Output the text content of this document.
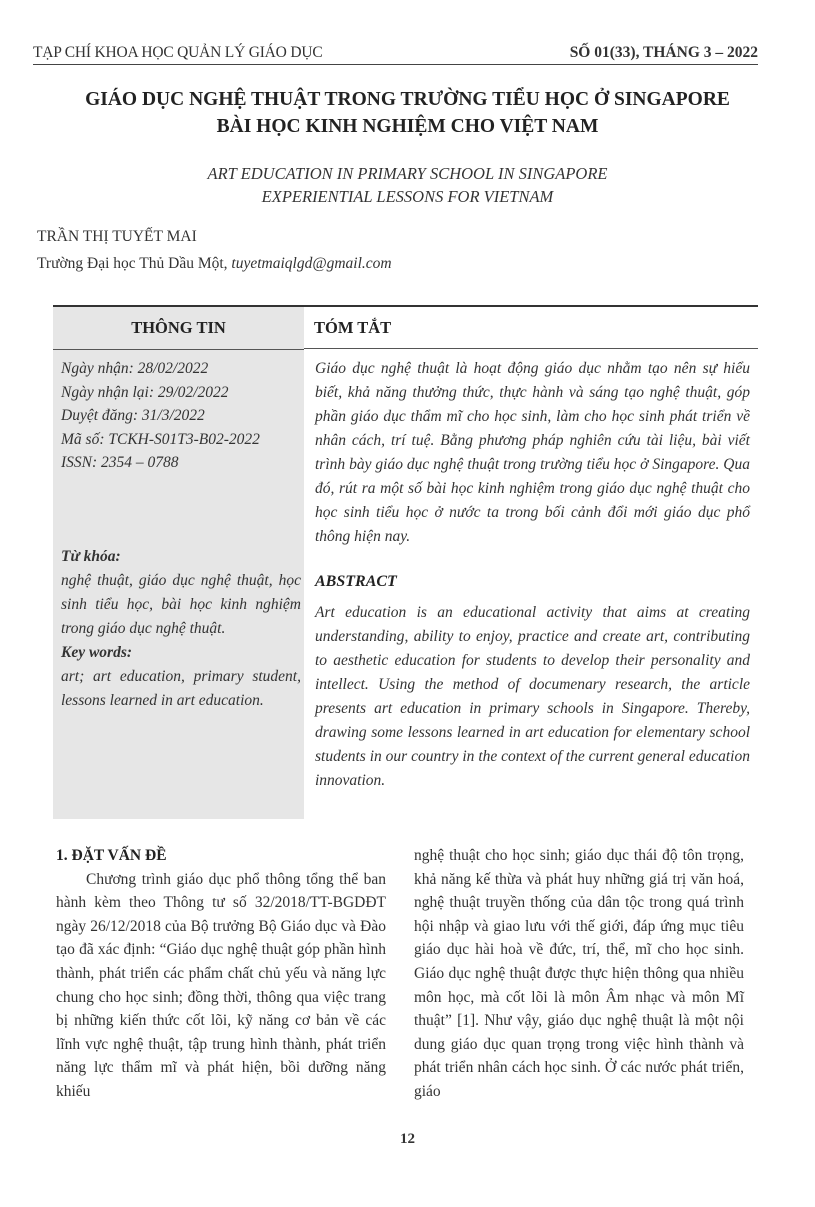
TẠP CHÍ KHOA HỌC QUẢN LÝ GIÁO DỤC	SỐ 01(33), THÁNG 3 – 2022
GIÁO DỤC NGHỆ THUẬT TRONG TRƯỜNG TIỂU HỌC Ở SINGAPORE
BÀI HỌC KINH NGHIỆM CHO VIỆT NAM
ART EDUCATION IN PRIMARY SCHOOL IN SINGAPORE
EXPERIENTIAL LESSONS FOR VIETNAM
TRẦN THỊ TUYẾT MAI
Trường Đại học Thủ Dầu Một, tuyetmaiqlgd@gmail.com
THÔNG TIN	TÓM TẮT
Ngày nhận: 28/02/2022
Ngày nhận lại: 29/02/2022
Duyệt đăng: 31/3/2022
Mã số: TCKH-S01T3-B02-2022
ISSN: 2354 – 0788
Từ khóa:
nghệ thuật, giáo dục nghệ thuật, học sinh tiểu học, bài học kinh nghiệm trong giáo dục nghệ thuật.
Key words:
art; art education, primary student, lessons learned in art education.
Giáo dục nghệ thuật là hoạt động giáo dục nhằm tạo nên sự hiểu biết, khả năng thưởng thức, thực hành và sáng tạo nghệ thuật, góp phần giáo dục thẩm mĩ cho học sinh, làm cho học sinh phát triển về nhân cách, trí tuệ. Bằng phương pháp nghiên cứu tài liệu, bài viết trình bày giáo dục nghệ thuật trong trường tiểu học ở Singapore. Qua đó, rút ra một số bài học kinh nghiệm trong giáo dục nghệ thuật cho học sinh tiểu học ở nước ta trong bối cảnh đổi mới giáo dục phổ thông hiện nay.
ABSTRACT
Art education is an educational activity that aims at creating understanding, ability to enjoy, practice and create art, contributing to aesthetic education for students to develop their personality and intellect. Using the method of documenary research, the article presents art education in primary schools in Singapore. Thereby, drawing some lessons learned in art education for elementary school students in our country in the context of the current general education innovation.
1. ĐẶT VẤN ĐỀ

Chương trình giáo dục phổ thông tổng thể ban hành kèm theo Thông tư số 32/2018/TT-BGDĐT ngày 26/12/2018 của Bộ trưởng Bộ Giáo dục và Đào tạo đã xác định: “Giáo dục nghệ thuật góp phần hình thành, phát triển các phẩm chất chủ yếu và năng lực chung cho học sinh; đồng thời, thông qua việc trang bị những kiến thức cốt lõi, kỹ năng cơ bản về các lĩnh vực nghệ thuật, tập trung hình thành, phát triển năng lực thẩm mĩ và phát hiện, bồi dưỡng năng khiếu

nghệ thuật cho học sinh; giáo dục thái độ tôn trọng, khả năng kế thừa và phát huy những giá trị văn hoá, nghệ thuật truyền thống của dân tộc trong quá trình hội nhập và giao lưu với thế giới, đáp ứng mục tiêu giáo dục hài hoà về đức, trí, thể, mĩ cho học sinh. Giáo dục nghệ thuật được thực hiện thông qua nhiều môn học, mà cốt lõi là môn Âm nhạc và môn Mĩ thuật” [1]. Như vậy, giáo dục nghệ thuật là một nội dung giáo dục quan trọng trong việc hình thành và phát triển nhân cách học sinh. Ở các nước phát triển, giáo

12
